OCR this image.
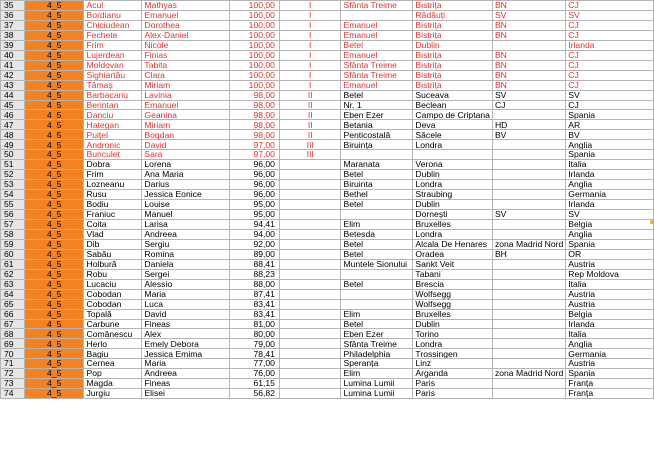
35	4_5	Acul	Mathyas	100,00	I	Sfânta Treime	Bistrița	BN	CJ
36	4_5	Bordianu	Emanuel	100,00	I		Rădăuți	SV	SV
37	4_5	Chiciudean	Dorothea	100,00	I	Emanuel	Bistrița	BN	CJ
38	4_5	Fechete	Alex-Daniel	100,00	I	Emanuel	Bistrița	BN	CJ
39	4_5	Frim	Nicole	100,00	I	Betel	Dublin		Irlanda
40	4_5	Lujerdean	Finias	100,00	I	Emanuel	Bistrița	BN	CJ
41	4_5	Moldovan	Tabita	100,00	I	Sfânta Treime	Bistrița	BN	CJ
42	4_5	Sighiartău	Clara	100,00	I	Sfânta Treime	Bistrița	BN	CJ
43	4_5	Tămaș	Miriam	100,00	I	Emanuel	Bistrița	BN	CJ
44	4_5	Barbacariu	Lavinia	98,00	II	Betel	Suceava	SV	SV
45	4_5	Berintan	Emanuel	98,00	II	Nr. 1	Beclean	CJ	CJ
46	4_5	Danciu	Geanina	98,00	II	Eben Ezer	Campo de Criptana		Spania
47	4_5	Hategan	Miriam	98,00	II	Betania	Deva	HD	AR
48	4_5	Puițel	Bogdan	98,00	II	Penticostală	Săcele	BV	BV
49	4_5	Andronic	David	97,00	III	Biruința	Londra		Anglia
50	4_5	Bunculet	Sara	97,00	III				Spania
51	4_5	Dobra	Lorena	96,00		Maranata	Verona		Italia
52	4_5	Frim	Ana Maria	96,00		Betel	Dublin		Irlanda
53	4_5	Lozneanu	Darius	96,00		Biruinta	Londra		Anglia
54	4_5	Rusu	Jessica Eonice	96,00		Bethel	Straubing		Germania
55	4_5	Bodiu	Louise	95,00		Betel	Dublin		Irlanda
56	4_5	Franiuc	Manuel	95,00			Dornești	SV	SV
57	4_5	Coita	Larisa	94,41		Elim	Bruxelles		Belgia
58	4_5	Vlad	Andreea	94,00		Betesda	Londra		Anglia
59	4_5	Dib	Sergiu	92,00		Betel	Alcala De Henares	zona Madrid Nord	Spania
60	4_5	Sabău	Romina	89,00		Betel	Oradea	BH	OR
61	4_5	Holbură	Daniela	88,41		Muntele Sionului	Sankt Veit		Austria
62	4_5	Robu	Sergei	88,23			Tabani		Rep Moldova
63	4_5	Lucaciu	Alessio	88,00		Betel	Brescia		Italia
64	4_5	Cobodan	Maria	87,41			Wolfsegg		Austria
65	4_5	Cobodan	Luca	83,41			Wolfsegg		Austria
66	4_5	Topală	David	83,41		Elim	Bruxelles		Belgia
67	4_5	Carbune	Fineas	81,00		Betel	Dublin		Irlanda
68	4_5	Comănescu	Alex	80,00		Eben Ezer	Torino		Italia
69	4_5	Herlo	Emely Debora	79,00		Sfânta Treime	Londra		Anglia
70	4_5	Bagiu	Jessica Emima	78,41		Philadelphia	Trossingen		Germania
71	4_5	Cernea	Maria	77,00		Speranța	Linz		Austria
72	4_5	Pop	Andreea	76,00		Elim	Arganda	zona Madrid Nord	Spania
73	4_5	Magda	Fineas	61,15		Lumina Lumii	Paris		Franța
74	4_5	Jurgiu	Elisei	56,82		Lumina Lumii	Paris		Franța
